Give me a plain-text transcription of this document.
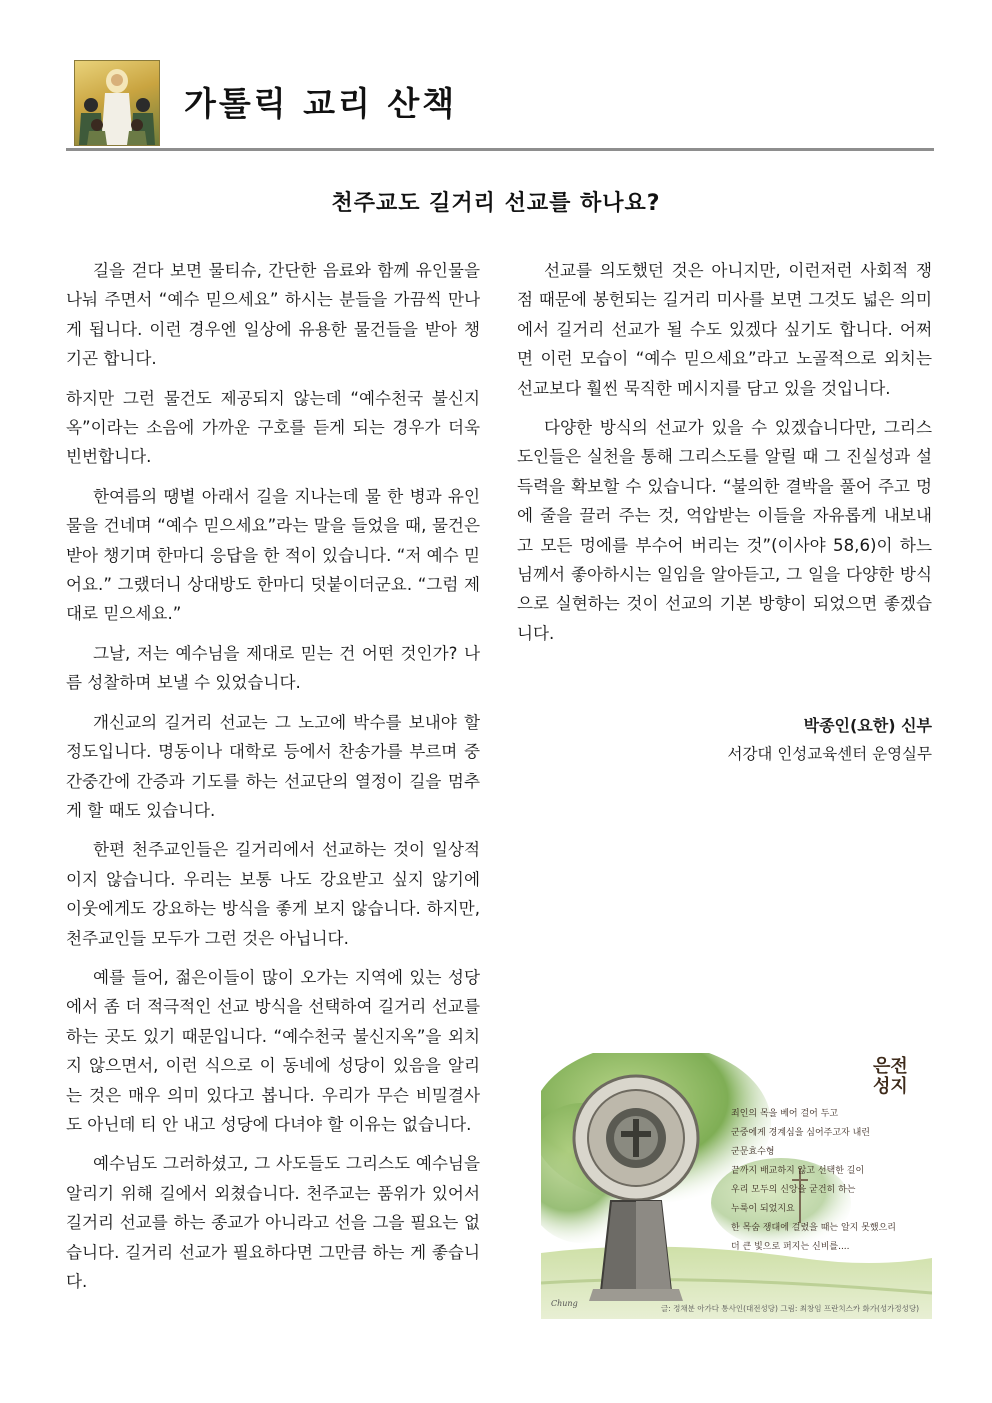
가톨릭 교리 산책
천주교도 길거리 선교를 하나요?

길을 걷다 보면 물티슈, 간단한 음료와 함께 유인물을 나눠 주면서 “예수 믿으세요” 하시는 분들을 가끔씩 만나게 됩니다. 이런 경우엔 일상에 유용한 물건들을 받아 챙기곤 합니다.

하지만 그런 물건도 제공되지 않는데 “예수천국 불신지옥”이라는 소음에 가까운 구호를 듣게 되는 경우가 더욱 빈번합니다.

한여름의 땡볕 아래서 길을 지나는데 물 한 병과 유인물을 건네며 “예수 믿으세요”라는 말을 들었을 때, 물건은 받아 챙기며 한마디 응답을 한 적이 있습니다. “저 예수 믿어요.” 그랬더니 상대방도 한마디 덧붙이더군요. “그럼 제대로 믿으세요.”

그날, 저는 예수님을 제대로 믿는 건 어떤 것인가? 나름 성찰하며 보낼 수 있었습니다.

개신교의 길거리 선교는 그 노고에 박수를 보내야 할 정도입니다. 명동이나 대학로 등에서 찬송가를 부르며 중간중간에 간증과 기도를 하는 선교단의 열정이 길을 멈추게 할 때도 있습니다.

한편 천주교인들은 길거리에서 선교하는 것이 일상적이지 않습니다. 우리는 보통 나도 강요받고 싶지 않기에 이웃에게도 강요하는 방식을 좋게 보지 않습니다. 하지만, 천주교인들 모두가 그런 것은 아닙니다.

예를 들어, 젊은이들이 많이 오가는 지역에 있는 성당에서 좀 더 적극적인 선교 방식을 선택하여 길거리 선교를 하는 곳도 있기 때문입니다. “예수천국 불신지옥”을 외치지 않으면서, 이런 식으로 이 동네에 성당이 있음을 알리는 것은 매우 의미 있다고 봅니다. 우리가 무슨 비밀결사도 아닌데 티 안 내고 성당에 다녀야 할 이유는 없습니다.

예수님도 그러하셨고, 그 사도들도 그리스도 예수님을 알리기 위해 길에서 외쳤습니다. 천주교는 품위가 있어서 길거리 선교를 하는 종교가 아니라고 선을 그을 필요는 없습니다. 길거리 선교가 필요하다면 그만큼 하는 게 좋습니다.

선교를 의도했던 것은 아니지만, 이런저런 사회적 쟁점 때문에 봉헌되는 길거리 미사를 보면 그것도 넓은 의미에서 길거리 선교가 될 수도 있겠다 싶기도 합니다. 어쩌면 이런 모습이 “예수 믿으세요”라고 노골적으로 외치는 선교보다 훨씬 묵직한 메시지를 담고 있을 것입니다.

다양한 방식의 선교가 있을 수 있겠습니다만, 그리스도인들은 실천을 통해 그리스도를 알릴 때 그 진실성과 설득력을 확보할 수 있습니다. “불의한 결박을 풀어 주고 멍에 줄을 끌러 주는 것, 억압받는 이들을 자유롭게 내보내고 모든 멍에를 부수어 버리는 것”(이사야 58,6)이 하느님께서 좋아하시는 일임을 알아듣고, 그 일을 다양한 방식으로 실현하는 것이 선교의 기본 방향이 되었으면 좋겠습니다.

박종인(요한) 신부
서강대 인성교육센터 운영실무
은전
성지
죄인의 목을 베어 걸어 두고
군중에게 경계심을 심어주고자 내린
군문효수형
끝까지 배교하지 않고 선택한 길이
우리 모두의 신앙을 굳건히 하는
누룩이 되었지요
한 목숨 쟁대에 걸렸을 때는 알지 못했으리
더 큰 빛으로 퍼지는 신비를....
Chung
글: 정채분 아가다 통사인(대전성당) 그림: 최창임 프란치스카 화가(성가정성당)
